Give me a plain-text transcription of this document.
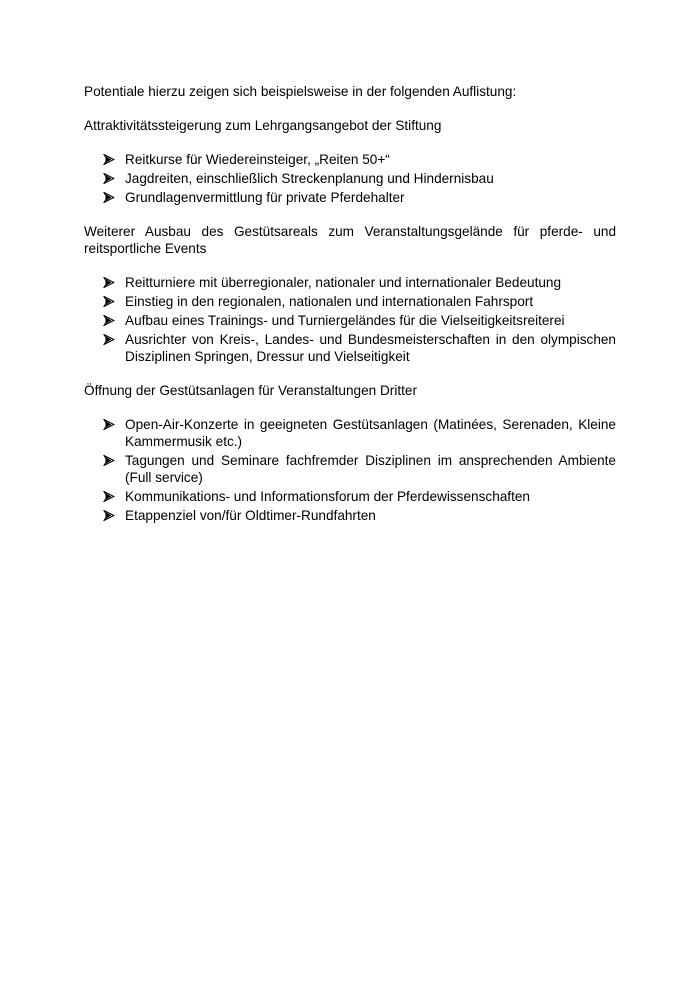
Potentiale hierzu zeigen sich beispielsweise in der folgenden Auflistung:

Attraktivitätssteigerung zum Lehrgangsangebot der Stiftung

Reitkurse für Wiedereinsteiger, „Reiten 50+“
Jagdreiten, einschließlich Streckenplanung und Hindernisbau
Grundlagenvermittlung für private Pferdehalter

Weiterer Ausbau des Gestütsareals zum Veranstaltungsgelände für pferde- und reitsportliche Events

Reitturniere mit überregionaler, nationaler und internationaler Bedeutung
Einstieg in den regionalen, nationalen und internationalen Fahrsport
Aufbau eines Trainings- und Turniergeländes für die Vielseitigkeitsreiterei
Ausrichter von Kreis-, Landes- und Bundesmeisterschaften in den olympischen Disziplinen Springen, Dressur und Vielseitigkeit

Öffnung der Gestütsanlagen für Veranstaltungen Dritter

Open-Air-Konzerte in geeigneten Gestütsanlagen (Matinées, Serenaden, Kleine Kammermusik etc.)
Tagungen und Seminare fachfremder Disziplinen im ansprechenden Ambiente (Full service)
Kommunikations- und Informationsforum der Pferdewissenschaften
Etappenziel von/für Oldtimer-Rundfahrten
